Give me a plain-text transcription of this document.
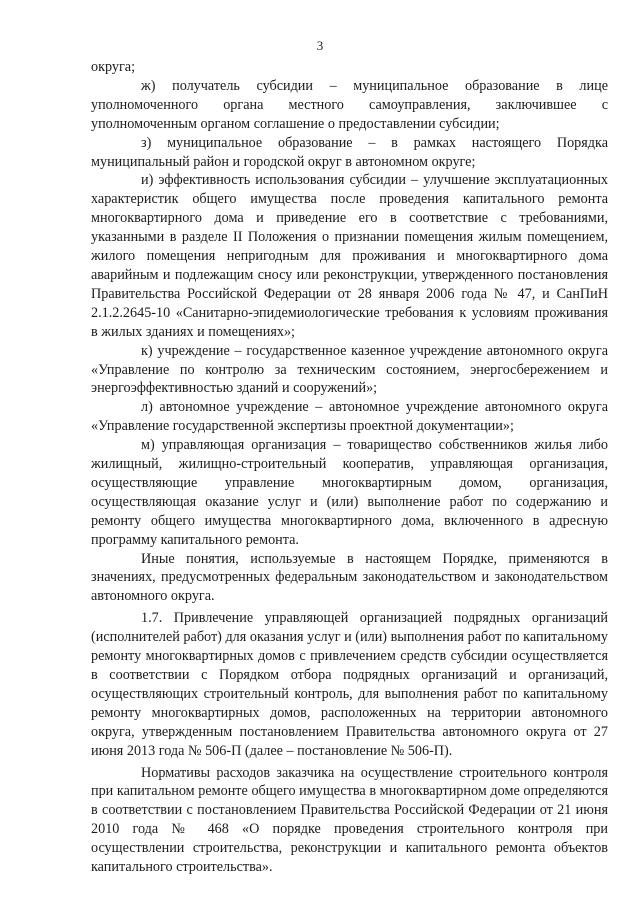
3

округа;

ж) получатель субсидии – муниципальное образование в лице уполномоченного органа местного самоуправления, заключившее с уполномоченным органом соглашение о предоставлении субсидии;

з) муниципальное образование – в рамках настоящего Порядка муниципальный район и городской округ в автономном округе;

и) эффективность использования субсидии – улучшение эксплуатационных характеристик общего имущества после проведения капитального ремонта многоквартирного дома и приведение его в соответствие с требованиями, указанными в разделе II Положения о признании помещения жилым помещением, жилого помещения непригодным для проживания и многоквартирного дома аварийным и подлежащим сносу или реконструкции, утвержденного постановления Правительства Российской Федерации от 28 января 2006 года № 47, и СанПиН 2.1.2.2645-10 «Санитарно-эпидемиологические требования к условиям проживания в жилых зданиях и помещениях»;

к) учреждение – государственное казенное учреждение автономного округа «Управление по контролю за техническим состоянием, энергосбережением и энергоэффективностью зданий и сооружений»;

л) автономное учреждение – автономное учреждение автономного округа «Управление государственной экспертизы проектной документации»;

м) управляющая организация – товарищество собственников жилья либо жилищный, жилищно-строительный кооператив, управляющая организация, осуществляющие управление многоквартирным домом, организация, осуществляющая оказание услуг и (или) выполнение работ по содержанию и ремонту общего имущества многоквартирного дома, включенного в адресную программу капитального ремонта.

Иные понятия, используемые в настоящем Порядке, применяются в значениях, предусмотренных федеральным законодательством и законодательством автономного округа.

1.7. Привлечение управляющей организацией подрядных организаций (исполнителей работ) для оказания услуг и (или) выполнения работ по капитальному ремонту многоквартирных домов с привлечением средств субсидии осуществляется в соответствии с Порядком отбора подрядных организаций и организаций, осуществляющих строительный контроль, для выполнения работ по капитальному ремонту многоквартирных домов, расположенных на территории автономного округа, утвержденным постановлением Правительства автономного округа от 27 июня 2013 года № 506-П (далее – постановление № 506-П).

Нормативы расходов заказчика на осуществление строительного контроля при капитальном ремонте общего имущества в многоквартирном доме определяются в соответствии с постановлением Правительства Российской Федерации от 21 июня 2010 года № 468 «О порядке проведения строительного контроля при осуществлении строительства, реконструкции и капитального ремонта объектов капитального строительства».
